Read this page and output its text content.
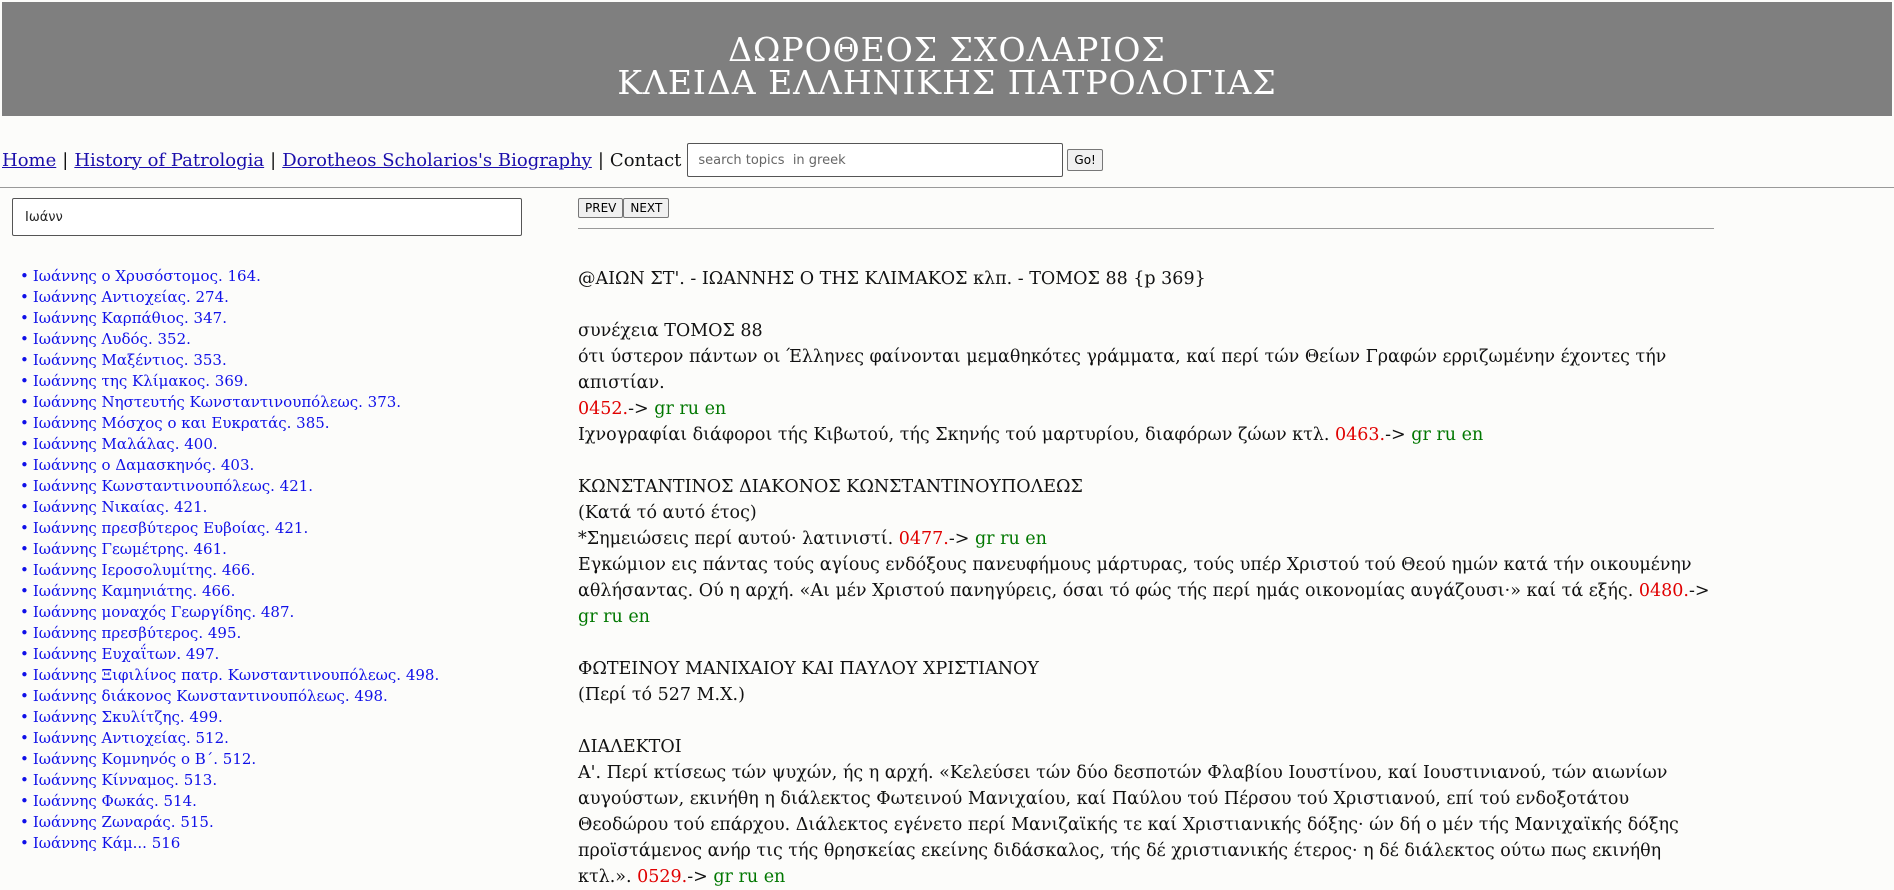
ΔΩΡΟΘΕΟΣ ΣΧΟΛΑΡΙΟΣ
ΚΛΕΙΔΑ ΕΛΛΗΝΙΚΗΣ ΠΑΤΡΟΛΟΓΙΑΣ
Home | History of Patrologia | Dorotheos Scholarios's Biography | Contact
search topics in greek	Go!
Ιωάνν
• Ιωάννης ο Χρυσόστομος. 164.
• Ιωάννης Αντιοχείας. 274.
• Ιωάννης Καρπάθιος. 347.
• Ιωάννης Λυδός. 352.
• Ιωάννης Μαξέντιος. 353.
• Ιωάννης της Κλίμακος. 369.
• Ιωάννης Νηστευτής Κωνσταντινουπόλεως. 373.
• Ιωάννης Μόσχος ο και Ευκρατάς. 385.
• Ιωάννης Μαλάλας. 400.
• Ιωάννης ο Δαμασκηνός. 403.
• Ιωάννης Κωνσταντινουπόλεως. 421.
• Ιωάννης Νικαίας. 421.
• Ιωάννης πρεσβύτερος Ευβοίας. 421.
• Ιωάννης Γεωμέτρης. 461.
• Ιωάννης Ιεροσολυμίτης. 466.
• Ιωάννης Καμηνιάτης. 466.
• Ιωάννης μοναχός Γεωργίδης. 487.
• Ιωάννης πρεσβύτερος. 495.
• Ιωάννης Ευχαΐτων. 497.
• Ιωάννης Ξιφιλίνος πατρ. Κωνσταντινουπόλεως. 498.
• Ιωάννης διάκονος Κωνσταντινουπόλεως. 498.
• Ιωάννης Σκυλίτζης. 499.
• Ιωάννης Αντιοχείας. 512.
• Ιωάννης Κομνηνός ο Β΄. 512.
• Ιωάννης Κίνναμος. 513.
• Ιωάννης Φωκάς. 514.
• Ιωάννης Ζωναράς. 515.
• Ιωάννης Κάμ... 516
PREV	NEXT

@ΑΙΩΝ ΣΤ'. - ΙΩΑΝΝΗΣ Ο ΤΗΣ ΚΛΙΜΑΚΟΣ κλπ. - ΤΟΜΟΣ 88 {p 369}

συνέχεια ΤΟΜΟΣ 88

ότι ύστερον πάντων οι Έλληνες φαίνονται μεμαθηκότες γράμματα, καί περί τών Θείων Γραφών ερριζωμένην έχοντες τήν απιστίαν.

0452.-> gr ru en

Ιχνογραφίαι διάφοροι τής Κιβωτού, τής Σκηνής τού μαρτυρίου, διαφόρων ζώων κτλ. 0463.-> gr ru en

ΚΩΝΣΤΑΝΤΙΝΟΣ ΔΙΑΚΟΝΟΣ ΚΩΝΣΤΑΝΤΙΝΟΥΠΟΛΕΩΣ

(Κατά τό αυτό έτος)

*Σημειώσεις περί αυτού· λατινιστί. 0477.-> gr ru en

Εγκώμιον εις πάντας τούς αγίους ενδόξους πανευφήμους μάρτυρας, τούς υπέρ Χριστού τού Θεού ημών κατά τήν οικουμένην αθλήσαντας. Ού η αρχή. «Αι μέν Χριστού πανηγύρεις, όσαι τό φώς τής περί ημάς οικονομίας αυγάζουσι·» καί τά εξής. 0480.-> gr ru en

ΦΩΤΕΙΝΟΥ ΜΑΝΙΧΑΙΟΥ ΚΑΙ ΠΑΥΛΟΥ ΧΡΙΣΤΙΑΝΟΥ

(Περί τό 527 Μ.Χ.)

ΔΙΑΛΕΚΤΟΙ

Α'. Περί κτίσεως τών ψυχών, ής η αρχή. «Κελεύσει τών δύο δεσποτών Φλαβίου Ιουστίνου, καί Ιουστινιανού, τών αιωνίων αυγούστων, εκινήθη η διάλεκτος Φωτεινού Μανιχαίου, καί Παύλου τού Πέρσου τού Χριστιανού, επί τού ενδοξοτάτου Θεοδώρου τού επάρχου. Διάλεκτος εγένετο περί Μανιζαϊκής τε καί Χριστιανικής δόξης· ών δή ο μέν τής Μανιχαϊκής δόξης προϊστάμενος ανήρ τις τής θρησκείας εκείνης διδάσκαλος, τής δέ χριστιανικής έτερος· η δέ διάλεκτος ούτω πως εκινήθη κτλ.». 0529.-> gr ru en
